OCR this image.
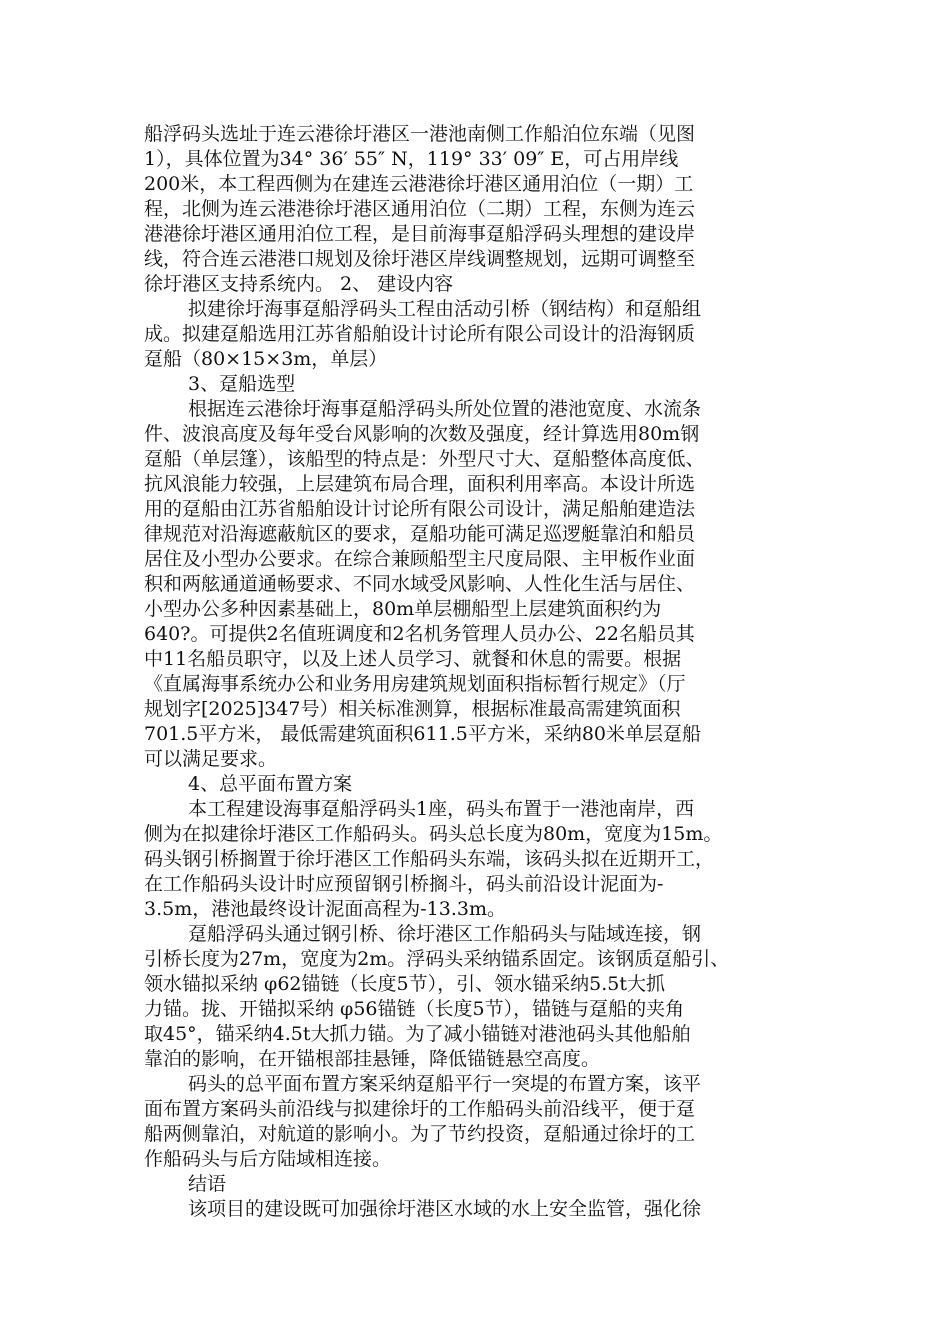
船浮码头选址于连云港徐圩港区一港池南侧工作船泊位东端（见图
1），具体位置为34° 36′ 55″ N，119° 33′ 09″ E，可占用岸线
200米，本工程西侧为在建连云港港徐圩港区通用泊位（一期）工
程，北侧为连云港港徐圩港区通用泊位（二期）工程，东侧为连云
港港徐圩港区通用泊位工程，是目前海事趸船浮码头理想的建设岸
线，符合连云港港口规划及徐圩港区岸线调整规划，远期可调整至
徐圩港区支持系统内。 2、 建设内容
拟建徐圩海事趸船浮码头工程由活动引桥（钢结构）和趸船组
成。拟建趸船选用江苏省船舶设计讨论所有限公司设计的沿海钢质
趸船（80×15×3m，单层）
3、趸船选型
根据连云港徐圩海事趸船浮码头所处位置的港池宽度、水流条
件、波浪高度及每年受台风影响的次数及强度，经计算选用80m钢
趸船（单层篷），该船型的特点是：外型尺寸大、趸船整体高度低、
抗风浪能力较强，上层建筑布局合理，面积利用率高。本设计所选
用的趸船由江苏省船舶设计讨论所有限公司设计，满足船舶建造法
律规范对沿海遮蔽航区的要求，趸船功能可满足巡逻艇靠泊和船员
居住及小型办公要求。在综合兼顾船型主尺度局限、主甲板作业面
积和两舷通道通畅要求、不同水域受风影响、人性化生活与居住、
小型办公多种因素基础上，80m单层棚船型上层建筑面积约为
640?。可提供2名值班调度和2名机务管理人员办公、22名船员其
中11名船员职守，以及上述人员学习、就餐和休息的需要。根据
《直属海事系统办公和业务用房建筑规划面积指标暂行规定》（厅
规划字[2025]347号）相关标准测算，根据标准最高需建筑面积
701.5平方米， 最低需建筑面积611.5平方米，采纳80米单层趸船
可以满足要求。
4、总平面布置方案
本工程建设海事趸船浮码头1座，码头布置于一港池南岸，西
侧为在拟建徐圩港区工作船码头。码头总长度为80m，宽度为15m。
码头钢引桥搁置于徐圩港区工作船码头东端，该码头拟在近期开工，
在工作船码头设计时应预留钢引桥搁斗，码头前沿设计泥面为-
3.5m，港池最终设计泥面高程为-13.3m。
趸船浮码头通过钢引桥、徐圩港区工作船码头与陆域连接，钢
引桥长度为27m，宽度为2m。浮码头采纳锚系固定。该钢质趸船引、
领水锚拟采纳 φ62锚链（长度5节），引、领水锚采纳5.5t大抓
力锚。拢、开锚拟采纳 φ56锚链（长度5节），锚链与趸船的夹角
取45°，锚采纳4.5t大抓力锚。为了减小锚链对港池码头其他船舶
靠泊的影响，在开锚根部挂悬锤，降低锚链悬空高度。
码头的总平面布置方案采纳趸船平行一突堤的布置方案，该平
面布置方案码头前沿线与拟建徐圩的工作船码头前沿线平，便于趸
船两侧靠泊，对航道的影响小。为了节约投资，趸船通过徐圩的工
作船码头与后方陆域相连接。
结语
该项目的建设既可加强徐圩港区水域的水上安全监管，强化徐
